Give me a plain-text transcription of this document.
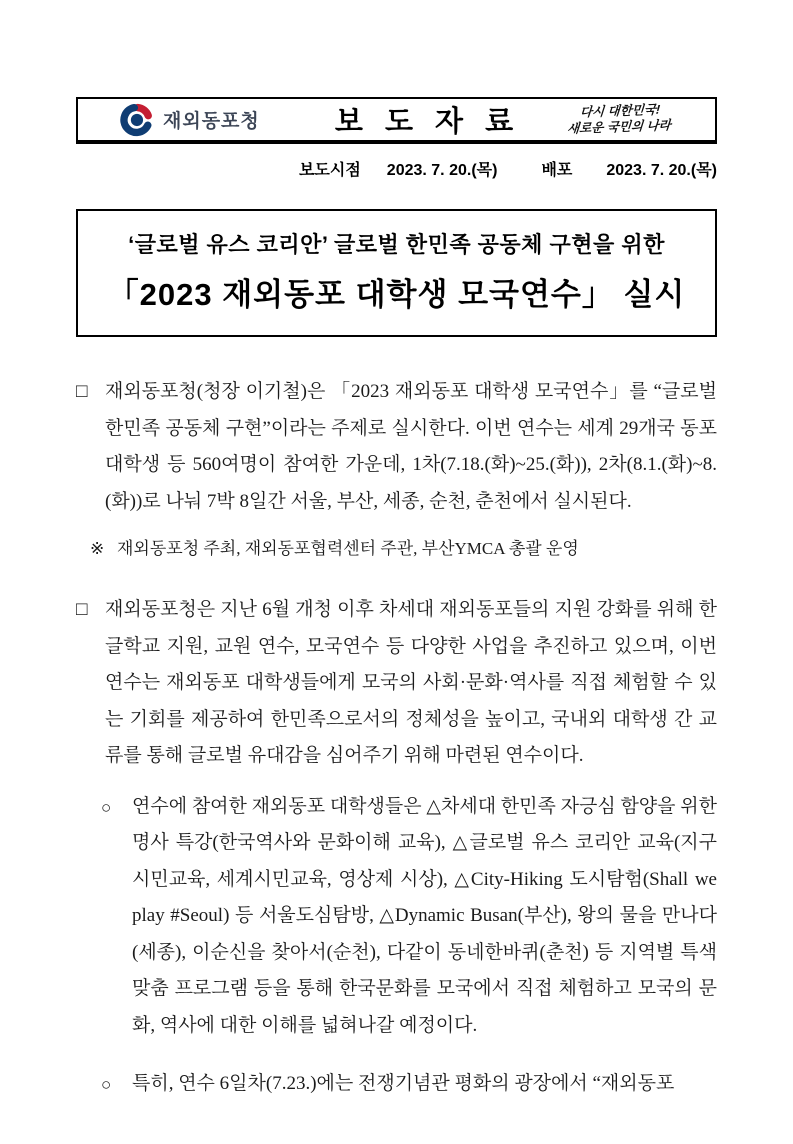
재외동포청	보 도 자 료	다시 대한민국!
새로운 국민의 나라
보도시점 2023. 7. 20.(목)	배포 2023. 7. 20.(목)
‘글로벌 유스 코리안’ 글로벌 한민족 공동체 구현을 위한
「2023 재외동포 대학생 모국연수」 실시
□ 재외동포청(청장 이기철)은 「2023 재외동포 대학생 모국연수」를 “글로벌 한민족 공동체 구현”이라는 주제로 실시한다. 이번 연수는 세계 29개국 동포대학생 등 560여명이 참여한 가운데, 1차(7.18.(화)~25.(화)), 2차(8.1.(화)~8.(화))로 나눠 7박 8일간 서울, 부산, 세종, 순천, 춘천에서 실시된다.
※ 재외동포청 주최, 재외동포협력센터 주관, 부산YMCA 총괄 운영
□ 재외동포청은 지난 6월 개청 이후 차세대 재외동포들의 지원 강화를 위해 한글학교 지원, 교원 연수, 모국연수 등 다양한 사업을 추진하고 있으며, 이번 연수는 재외동포 대학생들에게 모국의 사회·문화·역사를 직접 체험할 수 있는 기회를 제공하여 한민족으로서의 정체성을 높이고, 국내외 대학생 간 교류를 통해 글로벌 유대감을 심어주기 위해 마련된 연수이다.
○	연수에 참여한 재외동포 대학생들은 △차세대 한민족 자긍심 함양을 위한 명사 특강(한국역사와 문화이해 교육), △글로벌 유스 코리안 교육(지구시민교육, 세계시민교육, 영상제 시상), △City-Hiking 도시탐험(Shall we play #Seoul) 등 서울도심탐방, △Dynamic Busan(부산), 왕의 물을 만나다(세종), 이순신을 찾아서(순천), 다같이 동네한바퀴(춘천) 등 지역별 특색 맞춤 프로그램 등을 통해 한국문화를 모국에서 직접 체험하고 모국의 문화, 역사에 대한 이해를 넓혀나갈 예정이다.
○	특히, 연수 6일차(7.23.)에는 전쟁기념관 평화의 광장에서 “재외동포
